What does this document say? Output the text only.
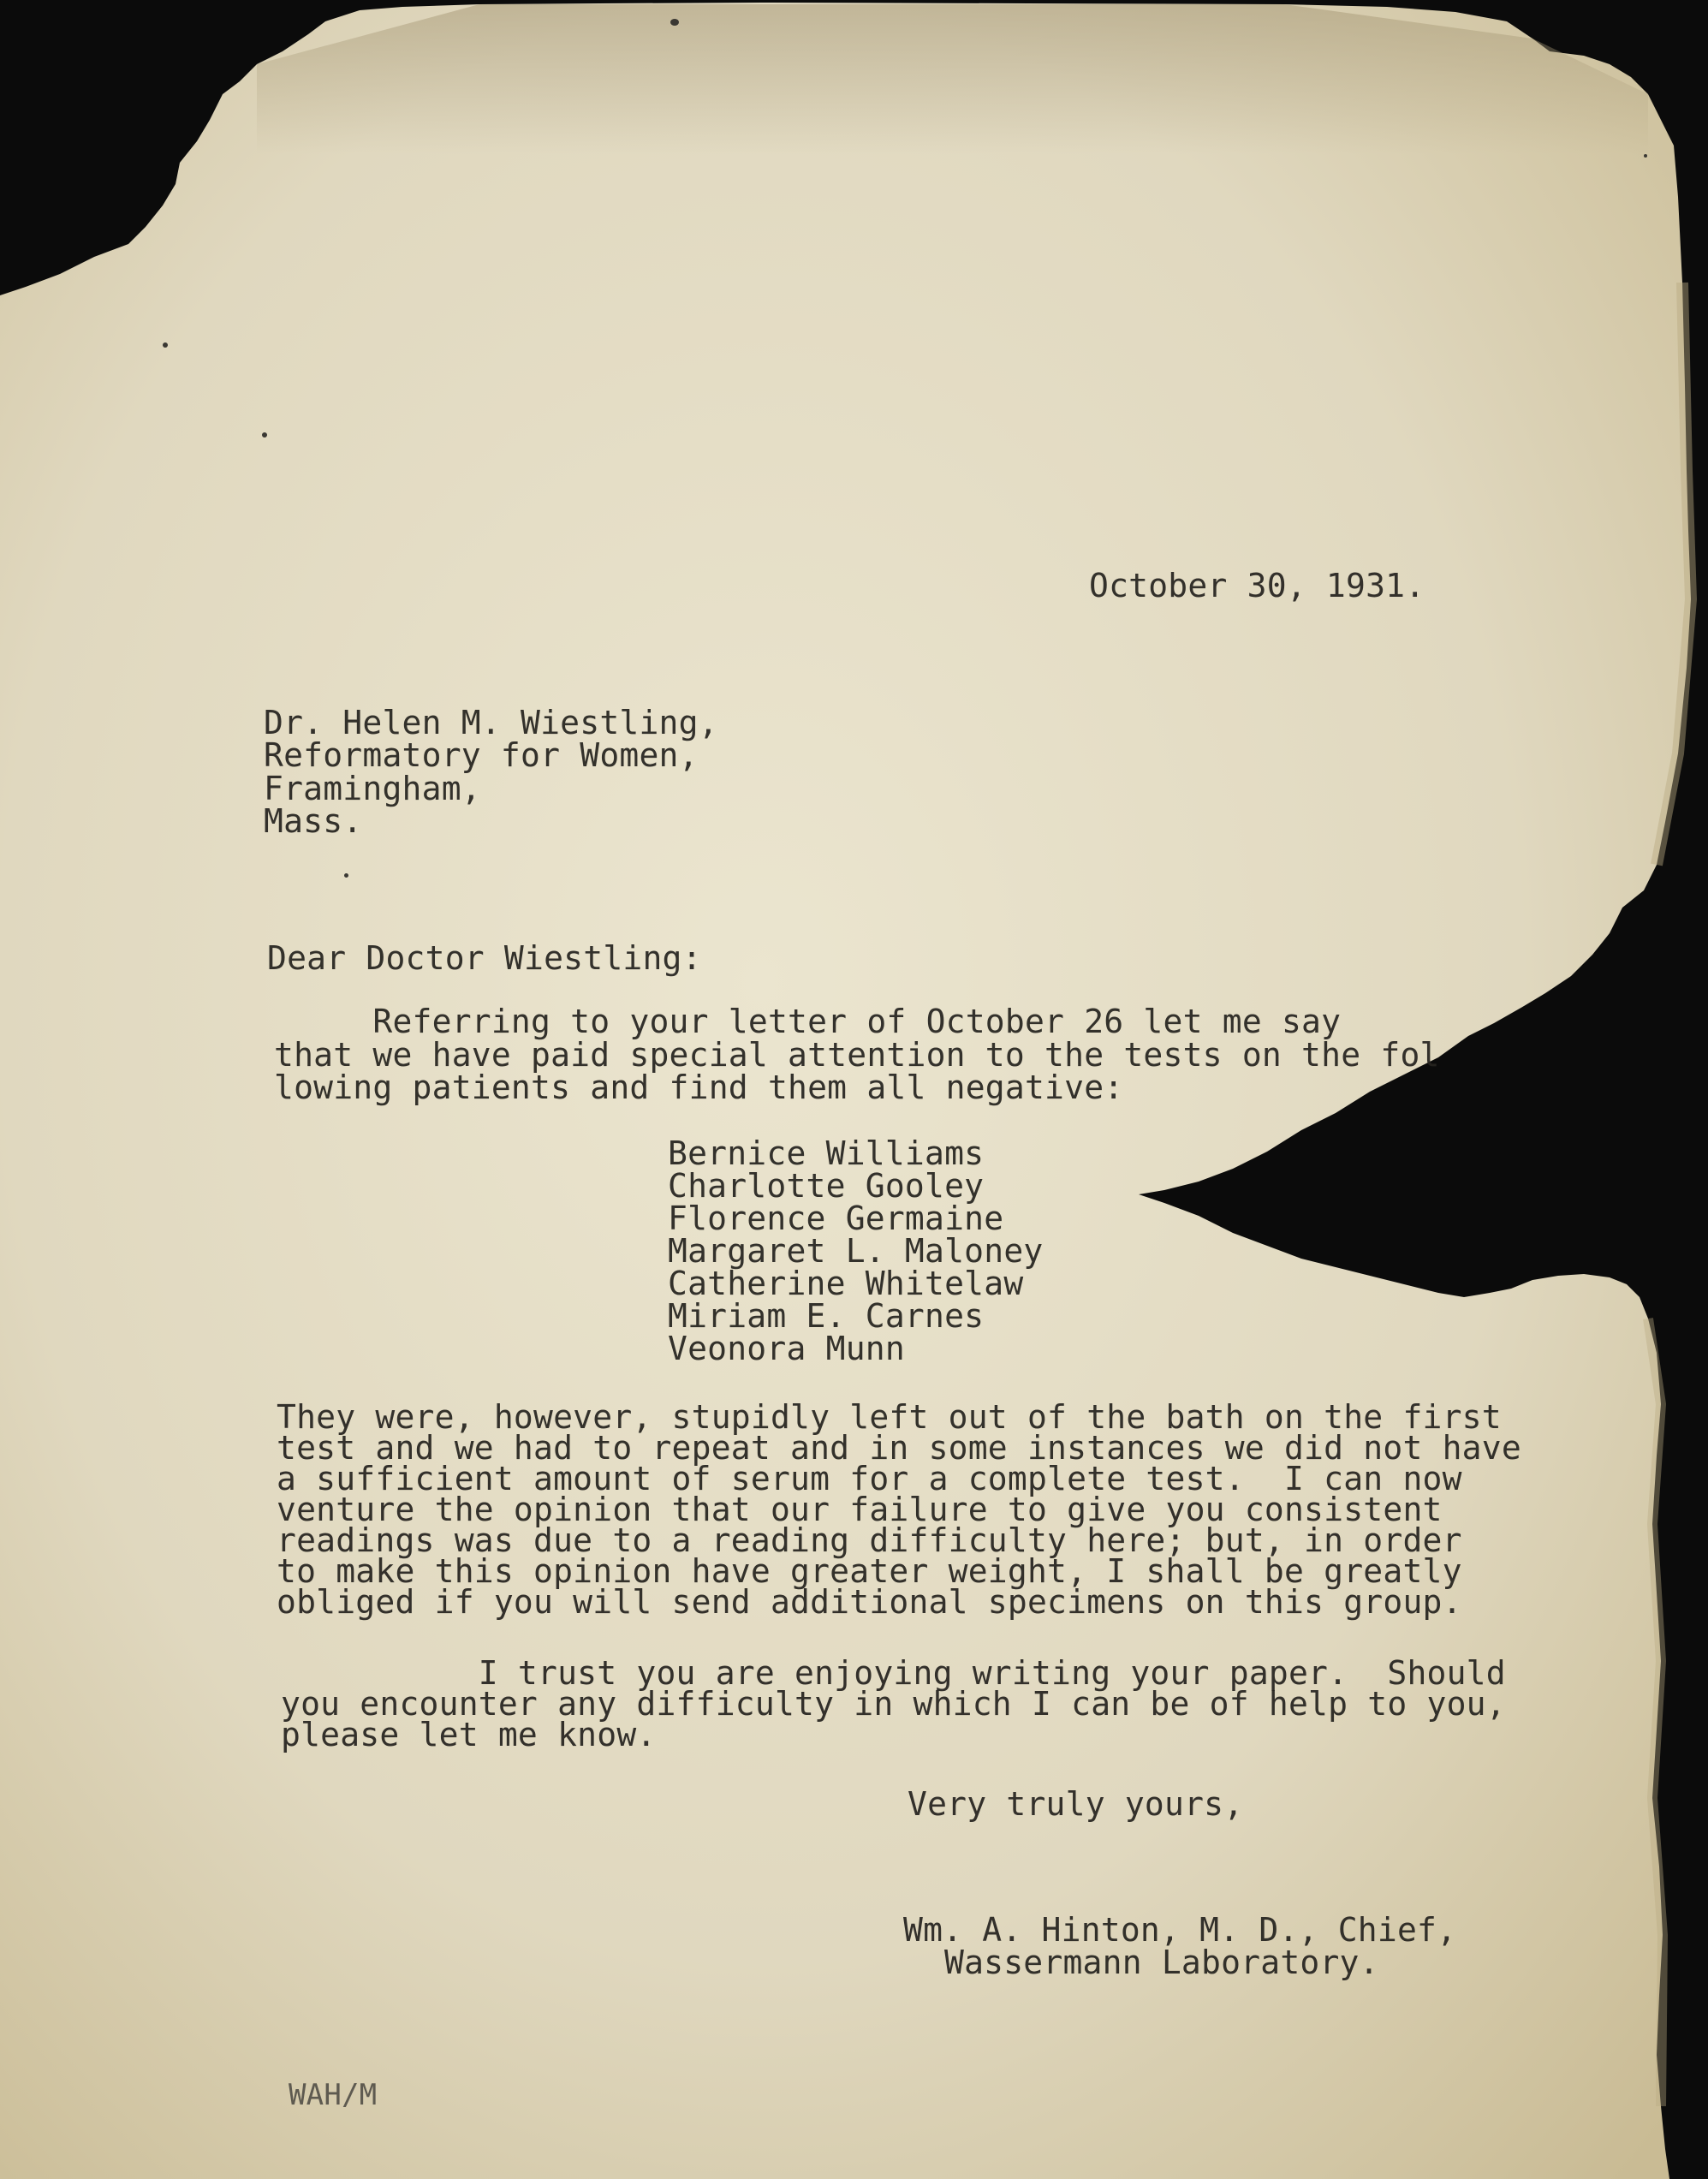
October 30, 1931.
Dr. Helen M. Wiestling,
Reformatory for Women,
Framingham,
Mass.
Dear Doctor Wiestling:
Referring to your letter of October 26 let me say
that we have paid special attention to the tests on the fol
lowing patients and find them all negative:
Bernice Williams
Charlotte Gooley
Florence Germaine
Margaret L. Maloney
Catherine Whitelaw
Miriam E. Carnes
Veonora Munn
They were, however, stupidly left out of the bath on the first
test and we had to repeat and in some instances we did not have
a sufficient amount of serum for a complete test.  I can now
venture the opinion that our failure to give you consistent
readings was due to a reading difficulty here; but, in order
to make this opinion have greater weight, I shall be greatly
obliged if you will send additional specimens on this group.
I trust you are enjoying writing your paper.  Should
you encounter any difficulty in which I can be of help to you,
please let me know.
Very truly yours,
Wm. A. Hinton, M. D., Chief,
Wassermann Laboratory.
WAH/M
